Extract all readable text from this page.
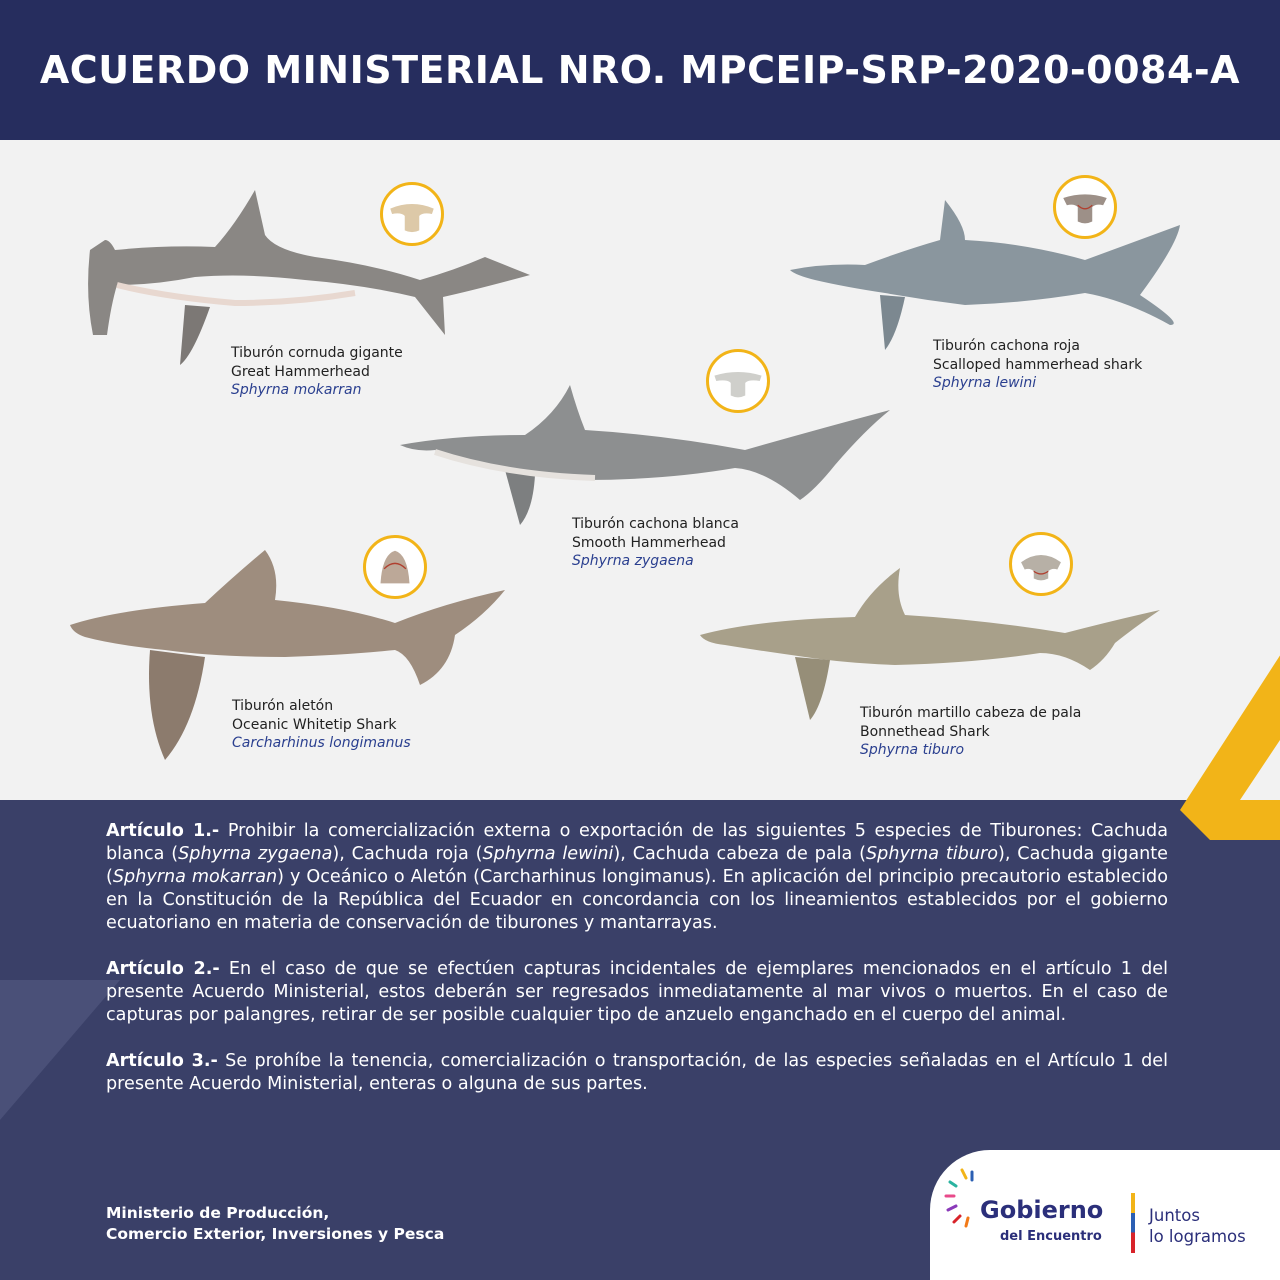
ACUERDO MINISTERIAL NRO. MPCEIP-SRP-2020-0084-A
Tiburón cornuda gigante
Great Hammerhead
Sphyrna mokarran
Tiburón cachona roja
Scalloped hammerhead shark
Sphyrna lewini
Tiburón cachona blanca
Smooth Hammerhead
Sphyrna zygaena
Tiburón aletón
Oceanic Whitetip Shark
Carcharhinus longimanus
Tiburón martillo cabeza de pala
Bonnethead Shark
Sphyrna tiburo

Artículo 1.- Prohibir la comercialización externa o exportación de las siguientes 5 especies de Tiburones: Cachuda blanca (Sphyrna zygaena), Cachuda roja (Sphyrna lewini), Cachuda cabeza de pala (Sphyrna tiburo), Cachuda gigante (Sphyrna mokarran) y Oceánico o Aletón (Carcharhinus longimanus). En aplicación del principio precautorio establecido en la Constitución de la República del Ecuador en concordancia con los lineamientos establecidos por el gobierno ecuatoriano en materia de conservación de tiburones y mantarrayas.

Artículo 2.- En el caso de que se efectúen capturas incidentales de ejemplares mencionados en el artículo 1 del presente Acuerdo Ministerial, estos deberán ser regresados inmediatamente al mar vivos o muertos. En el caso de capturas por palangres, retirar de ser posible cualquier tipo de anzuelo enganchado en el cuerpo del animal.

Artículo 3.- Se prohíbe la tenencia, comercialización o transportación, de las especies señaladas en el Artículo 1 del presente Acuerdo Ministerial, enteras o alguna de sus partes.

Ministerio de Producción,
Comercio Exterior, Inversiones y Pesca
Gobierno
del Encuentro
Juntos
lo logramos
